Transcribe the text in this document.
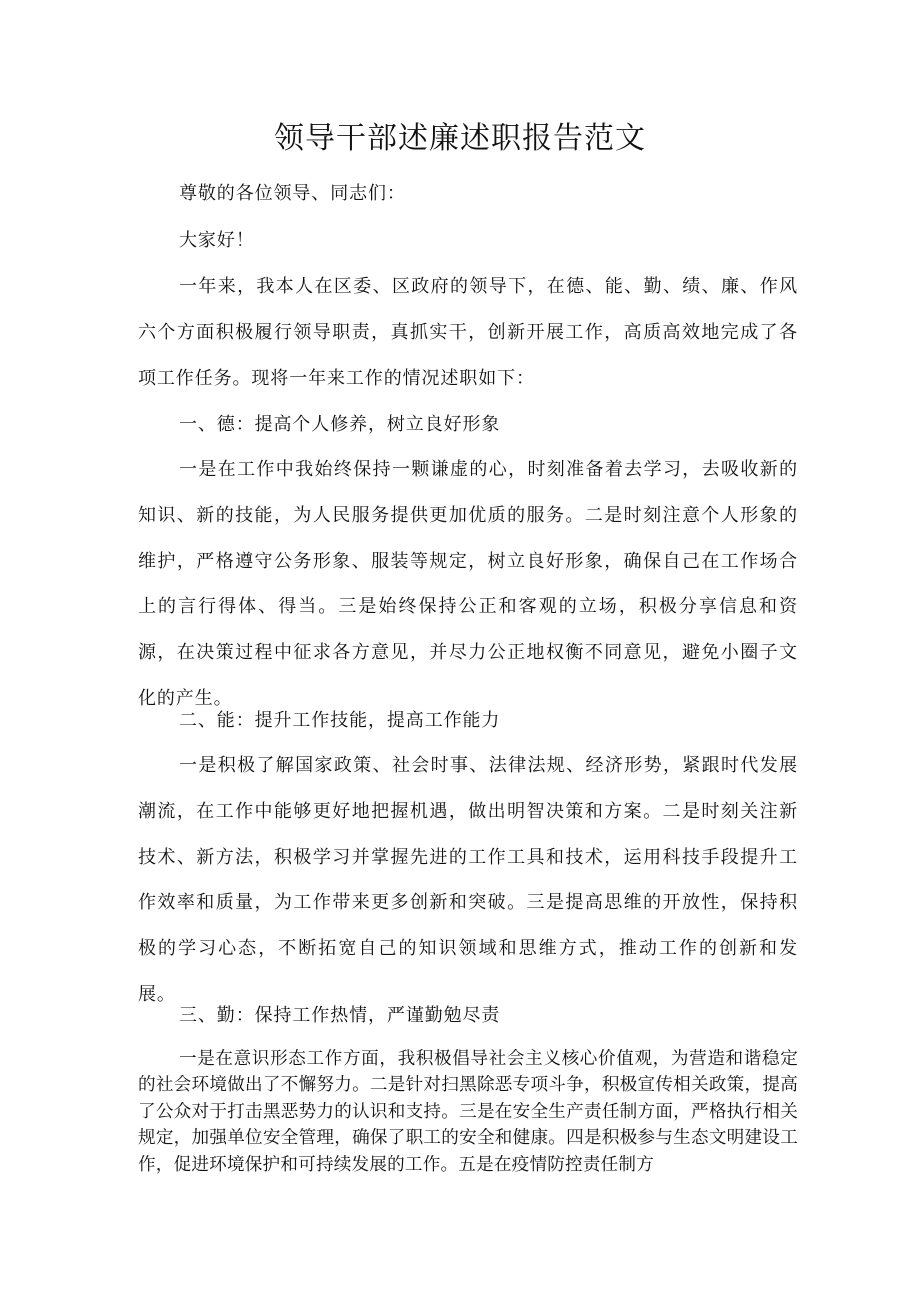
领导干部述廉述职报告范文

尊敬的各位领导、同志们：

大家好！

一年来，我本人在区委、区政府的领导下，在德、能、勤、绩、廉、作风六个方面积极履行领导职责，真抓实干，创新开展工作，高质高效地完成了各项工作任务。现将一年来工作的情况述职如下：

一、德：提高个人修养，树立良好形象

一是在工作中我始终保持一颗谦虚的心，时刻准备着去学习，去吸收新的知识、新的技能，为人民服务提供更加优质的服务。二是时刻注意个人形象的维护，严格遵守公务形象、服装等规定，树立良好形象，确保自己在工作场合上的言行得体、得当。三是始终保持公正和客观的立场，积极分享信息和资源，在决策过程中征求各方意见，并尽力公正地权衡不同意见，避免小圈子文化的产生。

二、能：提升工作技能，提高工作能力

一是积极了解国家政策、社会时事、法律法规、经济形势，紧跟时代发展潮流，在工作中能够更好地把握机遇，做出明智决策和方案。二是时刻关注新技术、新方法，积极学习并掌握先进的工作工具和技术，运用科技手段提升工作效率和质量，为工作带来更多创新和突破。三是提高思维的开放性，保持积极的学习心态，不断拓宽自己的知识领域和思维方式，推动工作的创新和发展。

三、勤：保持工作热情，严谨勤勉尽责

一是在意识形态工作方面，我积极倡导社会主义核心价值观，为营造和谐稳定的社会环境做出了不懈努力。二是针对扫黑除恶专项斗争，积极宣传相关政策，提高了公众对于打击黑恶势力的认识和支持。三是在安全生产责任制方面，严格执行相关规定，加强单位安全管理，确保了职工的安全和健康。四是积极参与生态文明建设工作，促进环境保护和可持续发展的工作。五是在疫情防控责任制方
